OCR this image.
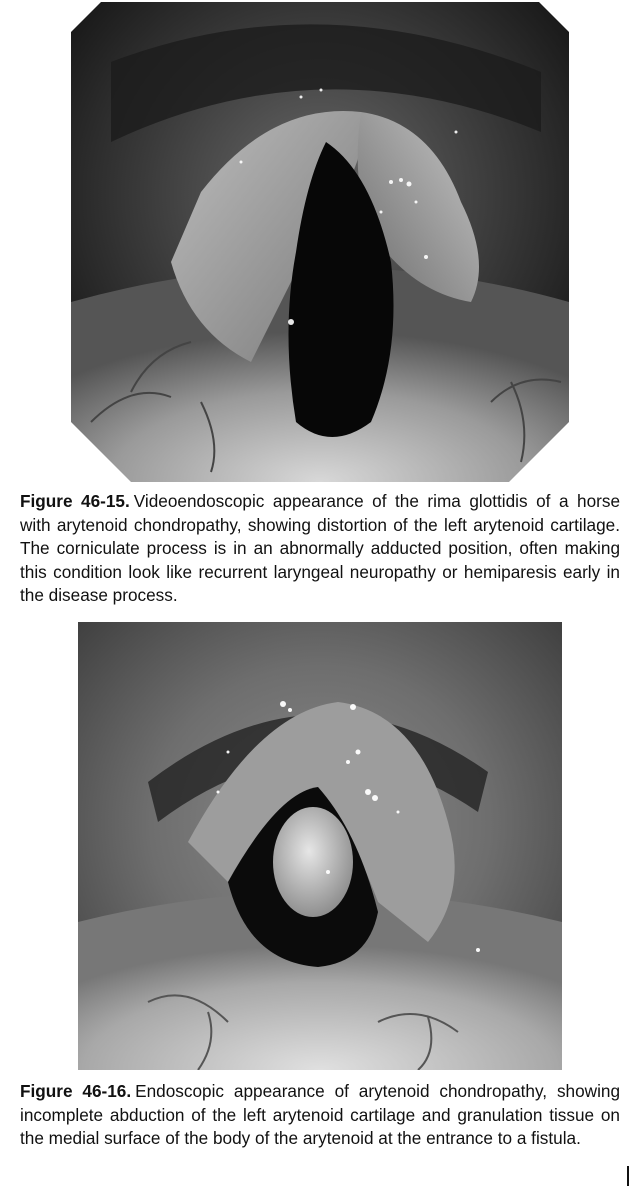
Figure 46-15. Videoendoscopic appearance of the rima glottidis of a horse with arytenoid chondropathy, showing distortion of the left arytenoid cartilage. The corniculate process is in an abnormally adducted position, often making this condition look like recurrent laryngeal neuropathy or hemiparesis early in the disease process.
Figure 46-16. Endoscopic appearance of arytenoid chondropathy, showing incomplete abduction of the left arytenoid cartilage and granulation tissue on the medial surface of the body of the arytenoid at the entrance to a fistula.
